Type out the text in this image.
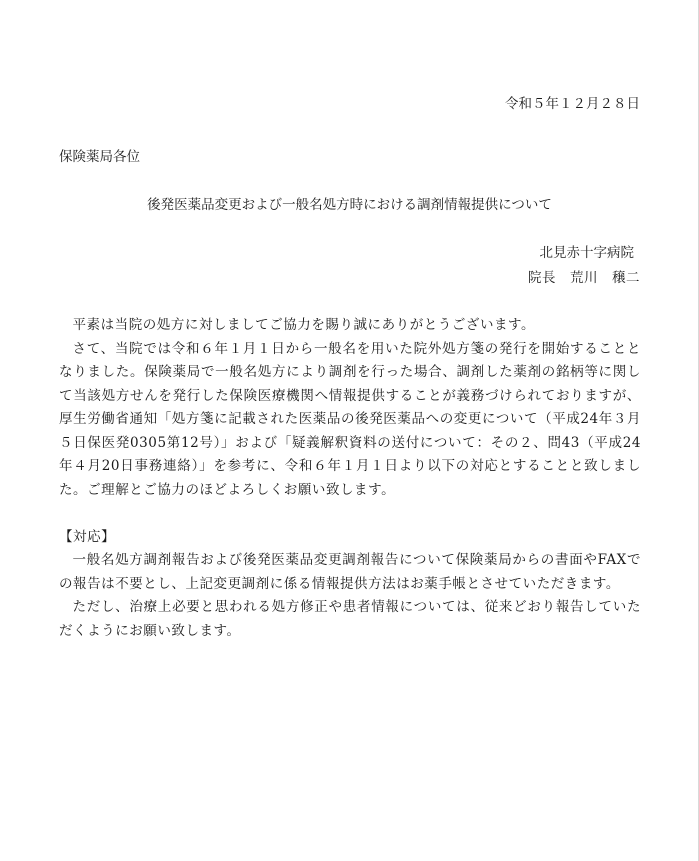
令和５年１２月２８日
保険薬局各位
後発医薬品変更および一般名処方時における調剤情報提供について
北見赤十字病院
院長　荒川　穣二

平素は当院の処方に対しましてご協力を賜り誠にありがとうございます。

さて、当院では令和６年１月１日から一般名を用いた院外処方箋の発行を開始することとなりました。保険薬局で一般名処方により調剤を行った場合、調剤した薬剤の銘柄等に関して当該処方せんを発行した保険医療機関へ情報提供することが義務づけられておりますが、厚生労働省通知「処方箋に記載された医薬品の後発医薬品への変更について（平成24年３月５日保医発0305第12号）」および「疑義解釈資料の送付について：その２、問43（平成24年４月20日事務連絡）」を参考に、令和６年１月１日より以下の対応とすることと致しました。ご理解とご協力のほどよろしくお願い致します。

【対応】

一般名処方調剤報告および後発医薬品変更調剤報告について保険薬局からの書面やFAXでの報告は不要とし、上記変更調剤に係る情報提供方法はお薬手帳とさせていただきます。

ただし、治療上必要と思われる処方修正や患者情報については、従来どおり報告していただくようにお願い致します。
